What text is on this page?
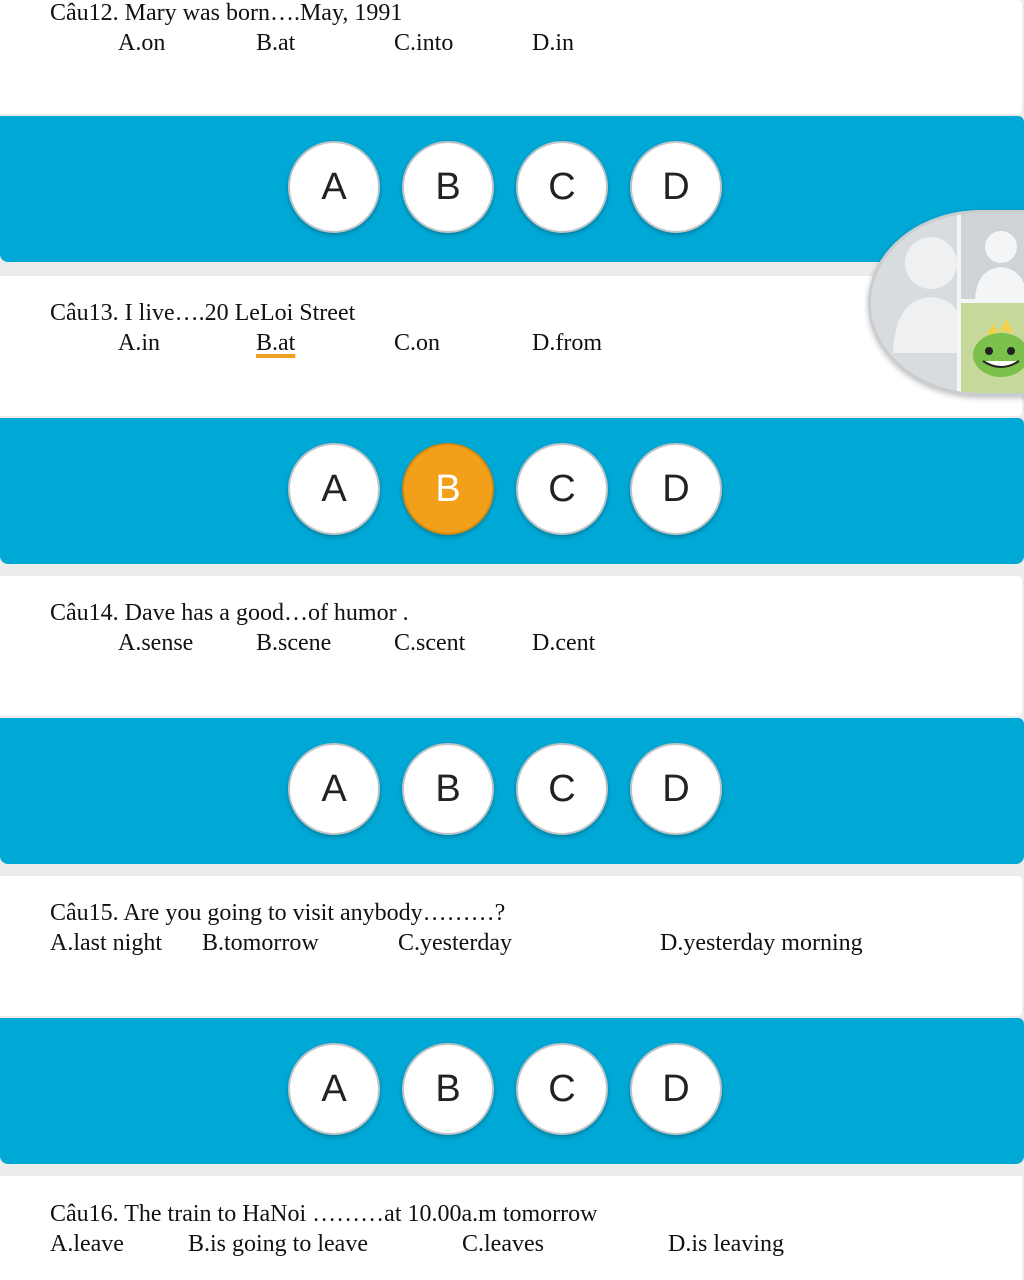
Câu12. Mary was born….May, 1991
A.on	B.at	C.into	D.in
A	B	C	D
Câu13. I live….20 LeLoi Street
A.in	B.at	C.on	D.from
A	B	C	D
Câu14. Dave has a good…of humor .
A.sense	B.scene	C.scent	D.cent
A	B	C	D
Câu15. Are you going to visit anybody………?
A.last night B.tomorrow	C.yesterday	D.yesterday morning
A	B	C	D
Câu16. The train to HaNoi ………at 10.00a.m tomorrow
A.leave	B.is going to leave	C.leaves	D.is leaving
